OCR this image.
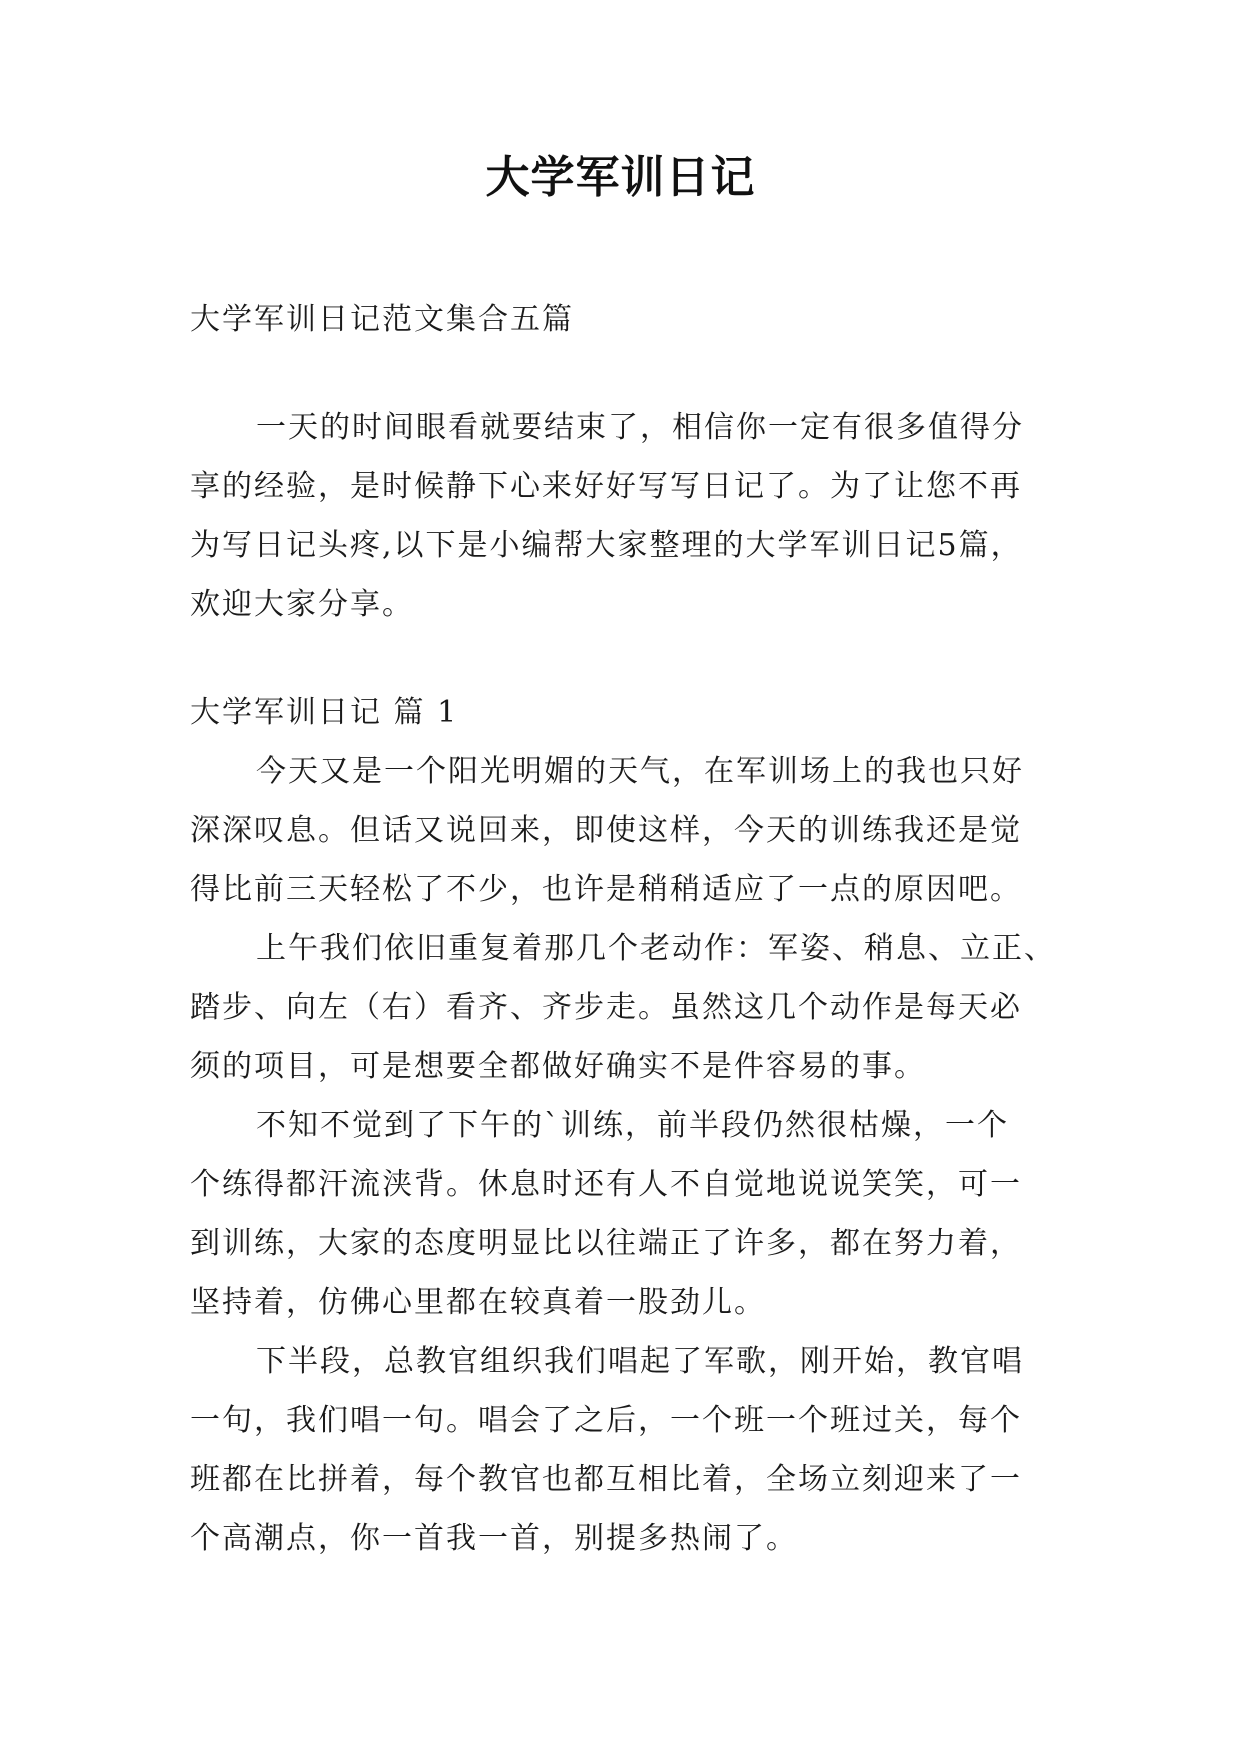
大学军训日记
大学军训日记范文集合五篇
一天的时间眼看就要结束了，相信你一定有很多值得分
享的经验，是时候静下心来好好写写日记了。为了让您不再
为写日记头疼,以下是小编帮大家整理的大学军训日记5篇，
欢迎大家分享。
大学军训日记 篇 1
今天又是一个阳光明媚的天气，在军训场上的我也只好
深深叹息。但话又说回来，即使这样，今天的训练我还是觉
得比前三天轻松了不少，也许是稍稍适应了一点的原因吧。
上午我们依旧重复着那几个老动作：军姿、稍息、立正、
踏步、向左（右）看齐、齐步走。虽然这几个动作是每天必
须的项目，可是想要全都做好确实不是件容易的事。
不知不觉到了下午的`训练，前半段仍然很枯燥，一个
个练得都汗流浃背。休息时还有人不自觉地说说笑笑，可一
到训练，大家的态度明显比以往端正了许多，都在努力着，
坚持着，仿佛心里都在较真着一股劲儿。
下半段，总教官组织我们唱起了军歌，刚开始，教官唱
一句，我们唱一句。唱会了之后，一个班一个班过关，每个
班都在比拼着，每个教官也都互相比着，全场立刻迎来了一
个高潮点，你一首我一首，别提多热闹了。
